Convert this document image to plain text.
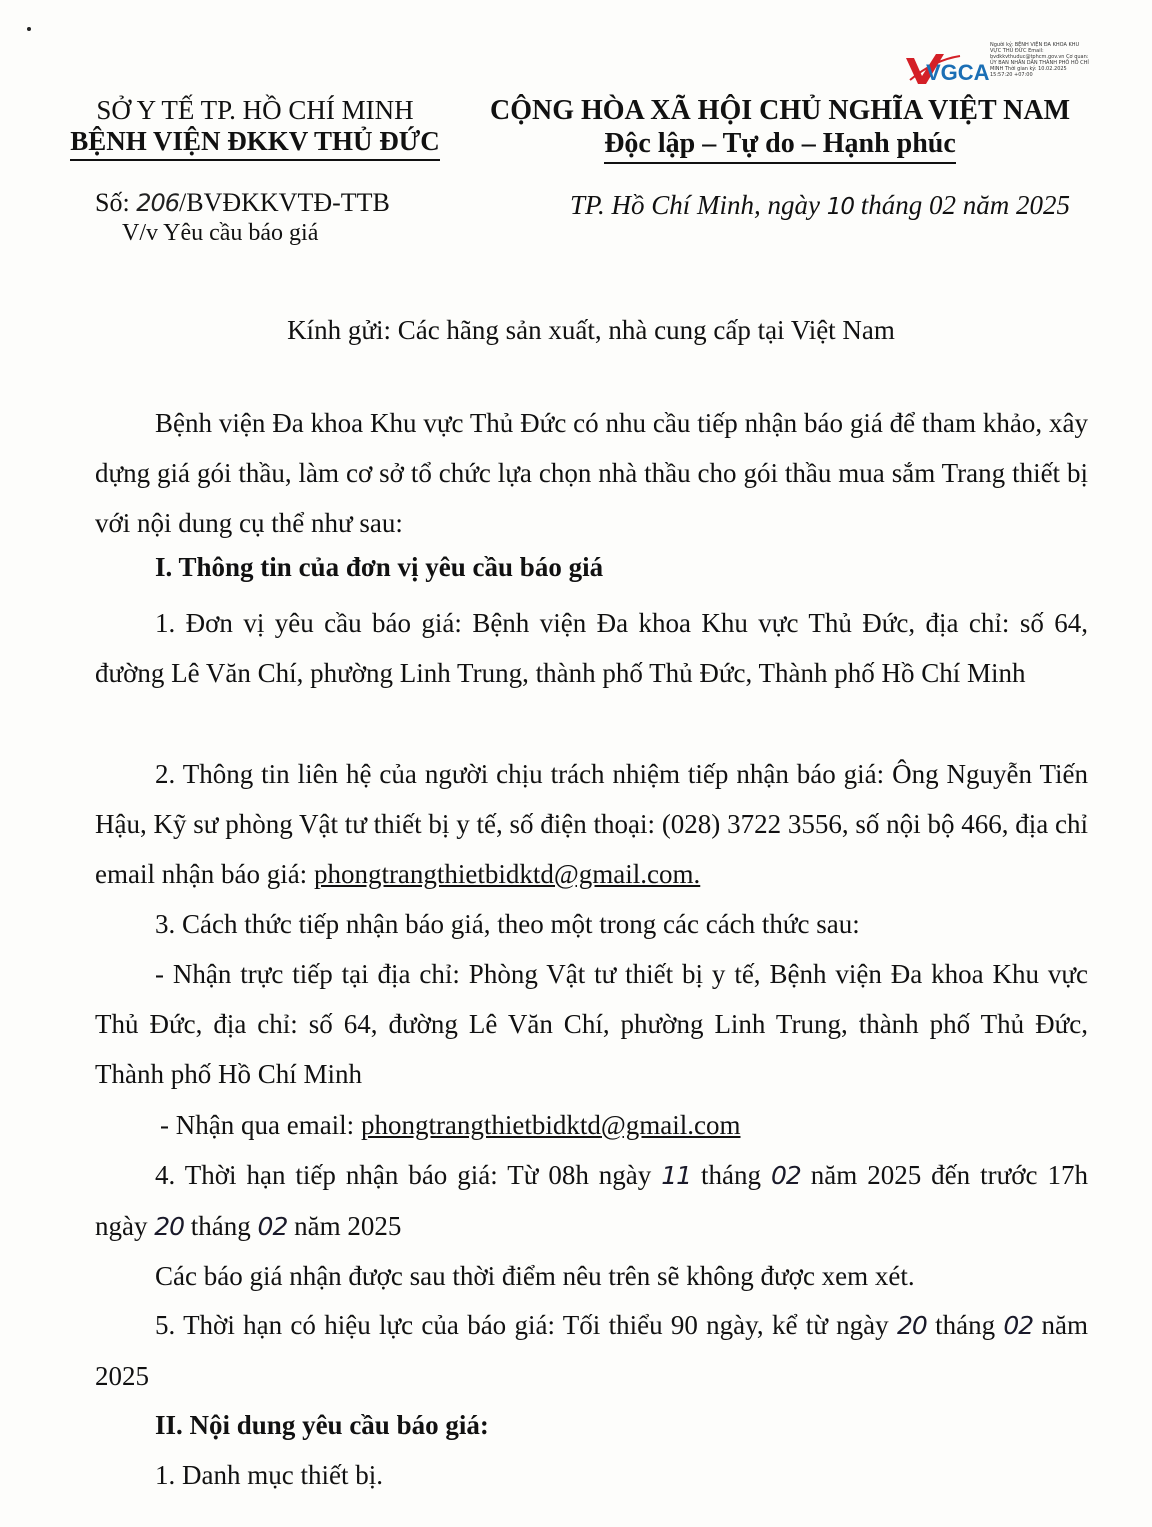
VGCA
Người ký: BỆNH VIỆN ĐA KHOA KHU VỰC THỦ ĐỨC Email: bvdkkvthuduc@tphcm.gov.vn Cơ quan: ỦY BAN NHÂN DÂN THÀNH PHỐ HỒ CHÍ MINH Thời gian ký: 10.02.2025 15:57:20 +07:00
SỞ Y TẾ TP. HỒ CHÍ MINH
BỆNH VIỆN ĐKKV THỦ ĐỨC
CỘNG HÒA XÃ HỘI CHỦ NGHĨA VIỆT NAM
Độc lập – Tự do – Hạnh phúc
Số: 206/BVĐKKVTĐ-TTB
V/v Yêu cầu báo giá
TP. Hồ Chí Minh, ngày 10 tháng 02 năm 2025
Kính gửi: Các hãng sản xuất, nhà cung cấp tại Việt Nam
Bệnh viện Đa khoa Khu vực Thủ Đức có nhu cầu tiếp nhận báo giá để tham khảo, xây dựng giá gói thầu, làm cơ sở tổ chức lựa chọn nhà thầu cho gói thầu mua sắm Trang thiết bị với nội dung cụ thể như sau:
I. Thông tin của đơn vị yêu cầu báo giá
1. Đơn vị yêu cầu báo giá: Bệnh viện Đa khoa Khu vực Thủ Đức, địa chỉ: số 64, đường Lê Văn Chí, phường Linh Trung, thành phố Thủ Đức, Thành phố Hồ Chí Minh
2. Thông tin liên hệ của người chịu trách nhiệm tiếp nhận báo giá: Ông Nguyễn Tiến Hậu, Kỹ sư phòng Vật tư thiết bị y tế, số điện thoại: (028) 3722 3556, số nội bộ 466, địa chỉ email nhận báo giá: phongtrangthietbidktd@gmail.com.
3. Cách thức tiếp nhận báo giá, theo một trong các cách thức sau:
- Nhận trực tiếp tại địa chỉ: Phòng Vật tư thiết bị y tế, Bệnh viện Đa khoa Khu vực Thủ Đức, địa chỉ: số 64, đường Lê Văn Chí, phường Linh Trung, thành phố Thủ Đức, Thành phố Hồ Chí Minh
- Nhận qua email: phongtrangthietbidktd@gmail.com
4. Thời hạn tiếp nhận báo giá: Từ 08h ngày 11 tháng 02 năm 2025 đến trước 17h ngày 20 tháng 02 năm 2025
Các báo giá nhận được sau thời điểm nêu trên sẽ không được xem xét.
5. Thời hạn có hiệu lực của báo giá: Tối thiểu 90 ngày, kể từ ngày 20 tháng 02 năm 2025
II. Nội dung yêu cầu báo giá:
1. Danh mục thiết bị.
